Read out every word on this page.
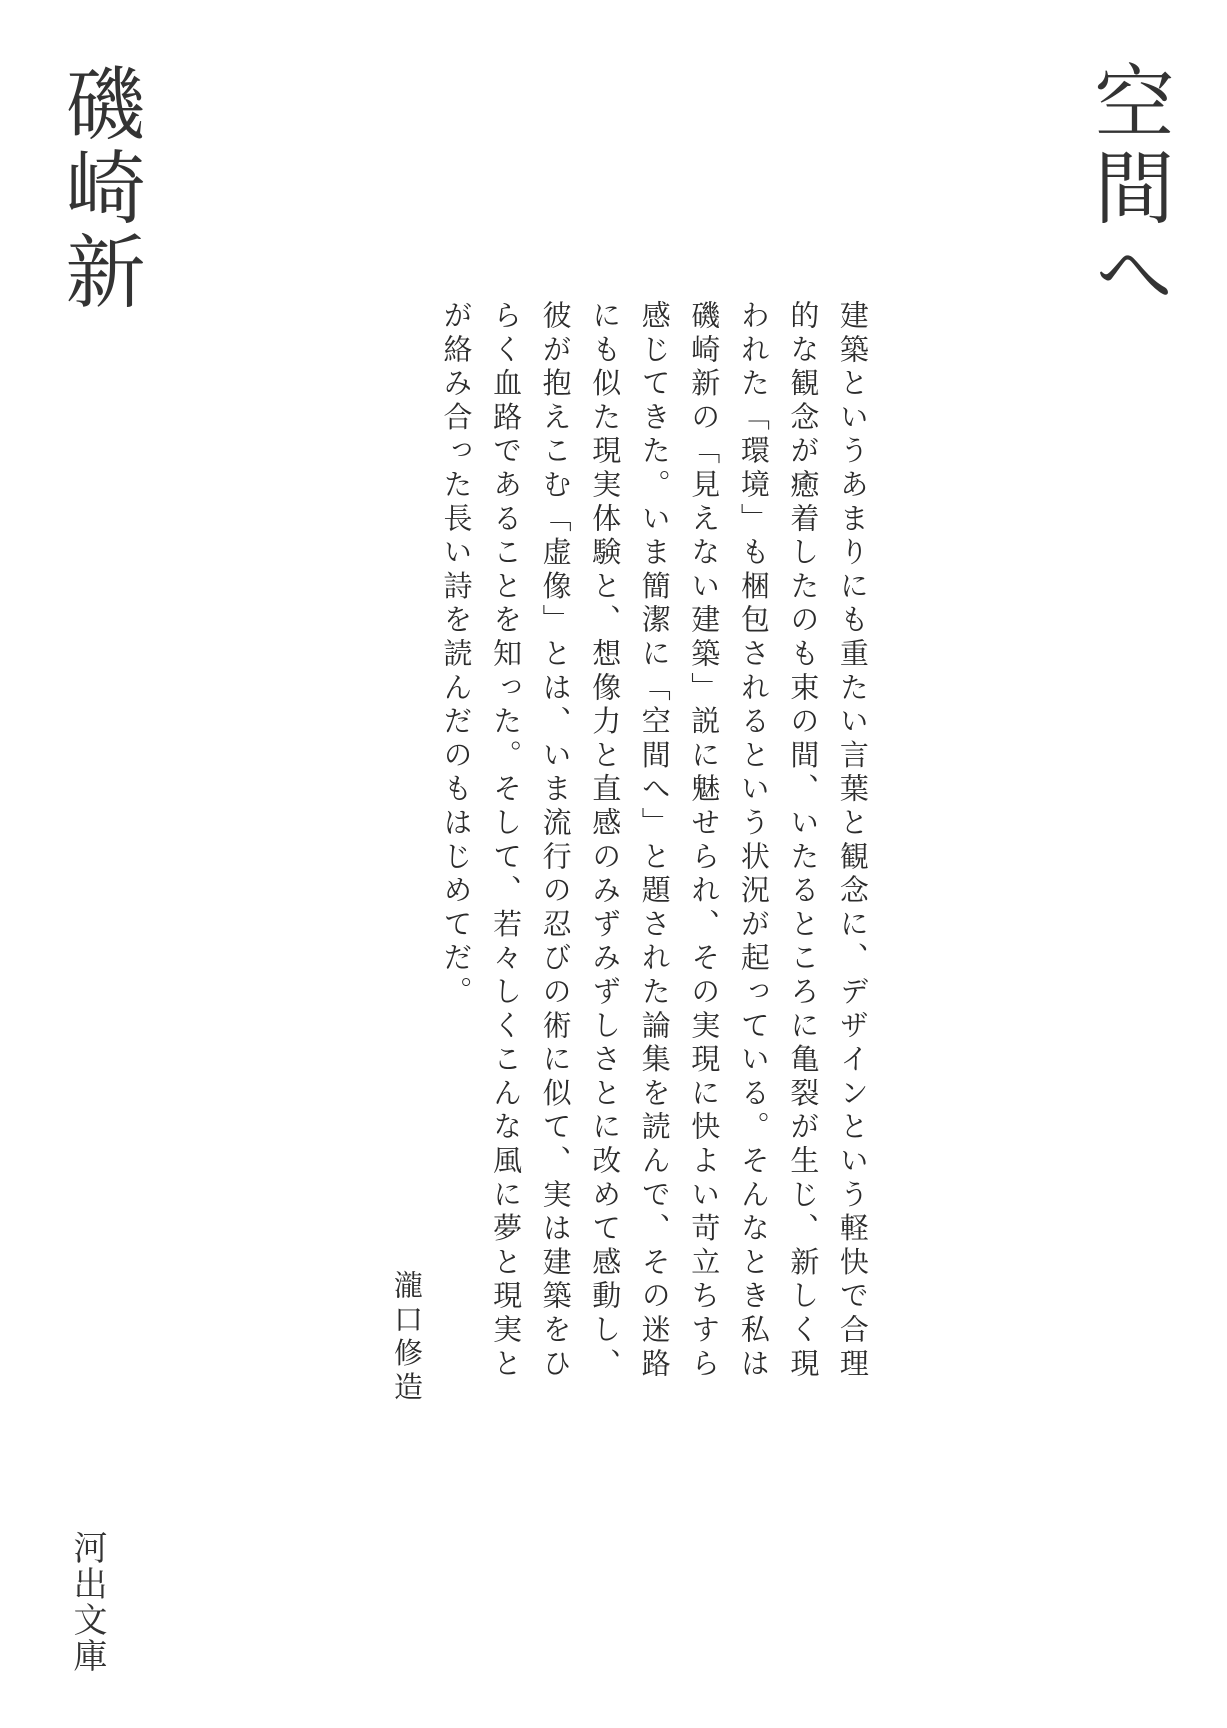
空間へ
磯崎新
建築というあまりにも重たい言葉と観念に、デザインという軽快で合理
的な観念が癒着したのも束の間、いたるところに亀裂が生じ、新しく現
われた「環境」も梱包されるという状況が起っている。そんなとき私は
磯崎新の「見えない建築」説に魅せられ、その実現に快よい苛立ちすら
感じてきた。いま簡潔に「空間へ」と題された論集を読んで、その迷路
にも似た現実体験と、想像力と直感のみずみずしさとに改めて感動し、
彼が抱えこむ「虚像」とは、いま流行の忍びの術に似て、実は建築をひ
らく血路であることを知った。そして、若々しくこんな風に夢と現実と
が絡み合った長い詩を読んだのもはじめてだ。
瀧口修造
河出文庫
